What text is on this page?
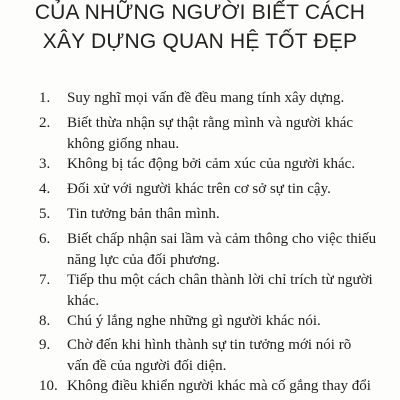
CỦA NHỮNG NGƯỜI BIẾT CÁCH
XÂY DỰNG QUAN HỆ TỐT ĐẸP
1. Suy nghĩ mọi vấn đề đều mang tính xây dựng.
2. Biết thừa nhận sự thật rằng mình và người khác
không giống nhau.
3. Không bị tác động bởi cảm xúc của người khác.
4. Đối xử với người khác trên cơ sở sự tin cậy.
5. Tin tưởng bản thân mình.
6. Biết chấp nhận sai lầm và cảm thông cho việc thiếu
năng lực của đối phương.
7. Tiếp thu một cách chân thành lời chỉ trích từ người
khác.
8. Chú ý lắng nghe những gì người khác nói.
9. Chờ đến khi hình thành sự tin tưởng mới nói rõ
vấn đề của người đối diện.
10. Không điều khiển người khác mà cố gắng thay đổi
